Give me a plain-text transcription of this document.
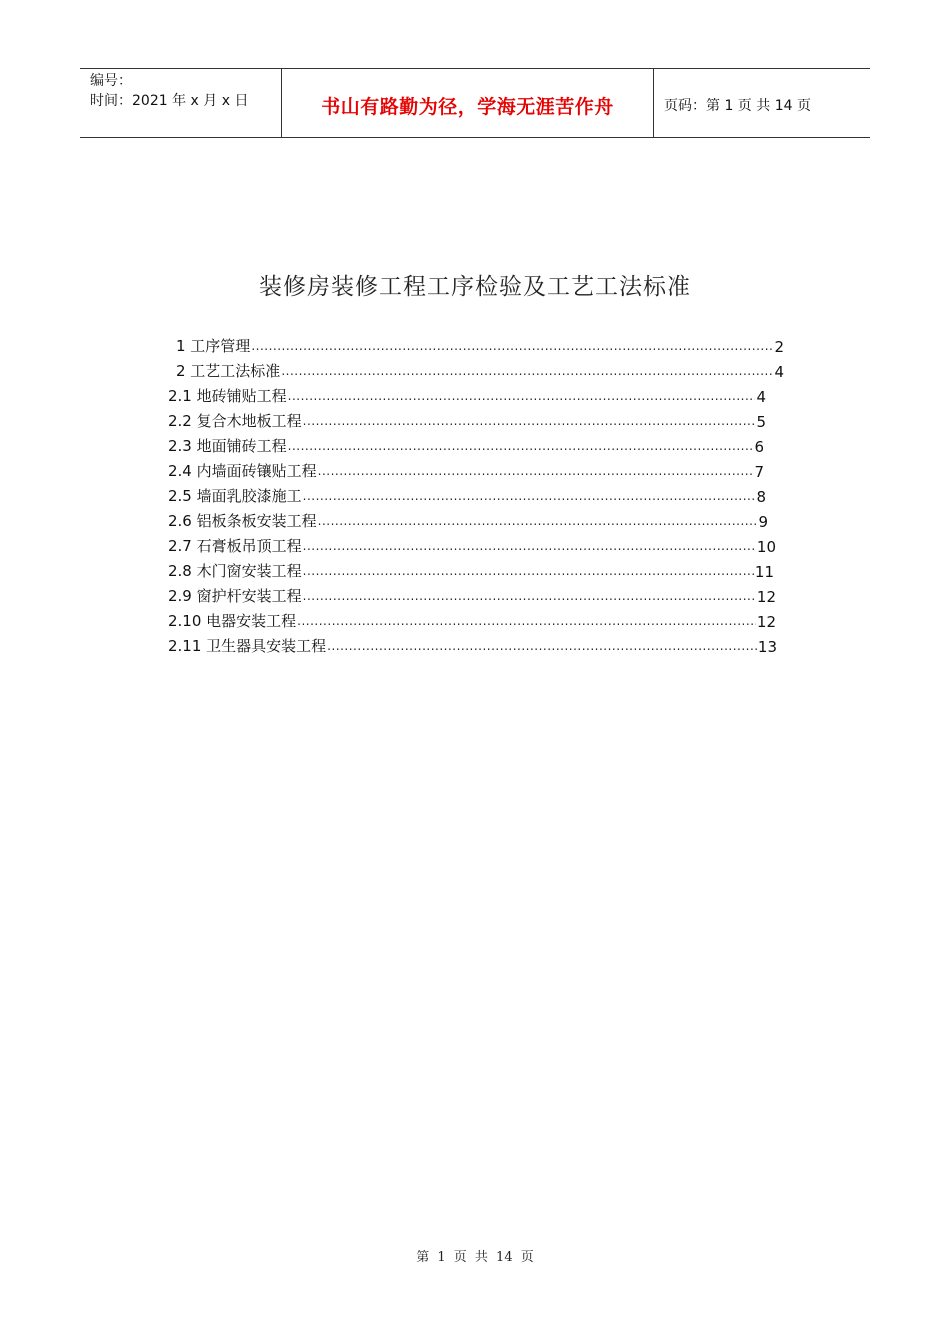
编号：
时间：2021 年 x 月 x 日	书山有路勤为径，学海无涯苦作舟	页码：第 1 页 共 14 页
装修房装修工程工序检验及工艺工法标准
1 工序管理 .....	2
2 工艺工法标准 .....	4
2.1 地砖铺贴工程 .....	4
2.2 复合木地板工程 .....	5
2.3 地面铺砖工程 .....	6
2.4 内墙面砖镶贴工程 .....	7
2.5 墙面乳胶漆施工 .....	8
2.6 铝板条板安装工程 .....	9
2.7 石膏板吊顶工程 .....	10
2.8 木门窗安装工程 .....	11
2.9 窗护杆安装工程 .....	12
2.10 电器安装工程 .....	12
2.11 卫生器具安装工程 .....	13
第 1 页 共 14 页
